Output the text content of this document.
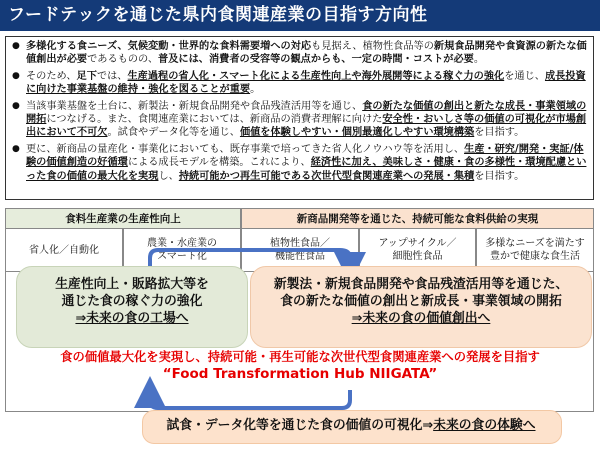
フードテックを通じた県内食関連産業の目指す方向性
● 多様化する食ニーズ、気候変動・世界的な食料需要増への対応も見据え、植物性食品等の新規食品開発や食資源の新たな価値創出が必要であるものの、普及には、消費者の受容等の観点からも、一定の時間・コストが必要。
● そのため、足下では、生産過程の省人化・スマート化による生産性向上や海外展開等による稼ぐ力の強化を通じ、成長投資に向けた事業基盤の維持・強化を図ることが重要。
● 当該事業基盤を土台に、新製法・新規食品開発や食品残渣活用等を通じ、食の新たな価値の創出と新たな成長・事業領域の開拓につなげる。また、食関連産業においては、新商品の消費者理解に向けた安全性・おいしさ等の価値の可視化が市場創出において不可欠。試食やデータ化等を通じ、価値を体験しやすい・個別最適化しやすい環境構築を目指す。
● 更に、新商品の量産化・事業化においても、既存事業で培ってきた省人化ノウハウ等を活用し、生産・研究/開発・実証/体験の価値創造の好循環による成長モデルを構築。これにより、経済性に加え、美味しさ・健康・食の多様性・環境配慮といった食の価値の最大化を実現し、持続可能かつ再生可能である次世代型食関連産業への発展・集積を目指す。
食料生産業の生産性向上	新商品開発等を通じた、持続可能な食料供給の実現
省人化／自動化
農業・水産業の
スマート化
植物性食品／
機能性食品
アップサイクル／
細胞性食品
多様なニーズを満たす
豊かで健康な食生活
生産性向上・販路拡大等を
通じた食の稼ぐ力の強化
⇒未来の食の工場へ
新製法・新規食品開発や食品残渣活用等を通じた、
食の新たな価値の創出と新成長・事業領域の開拓
⇒未来の食の価値創出へ
食の価値最大化を実現し、持続可能・再生可能な次世代型食関連産業への発展を目指す
“Food Transformation Hub NIIGATA”
試食・データ化等を通じた食の価値の可視化⇒未来の食の体験へ
